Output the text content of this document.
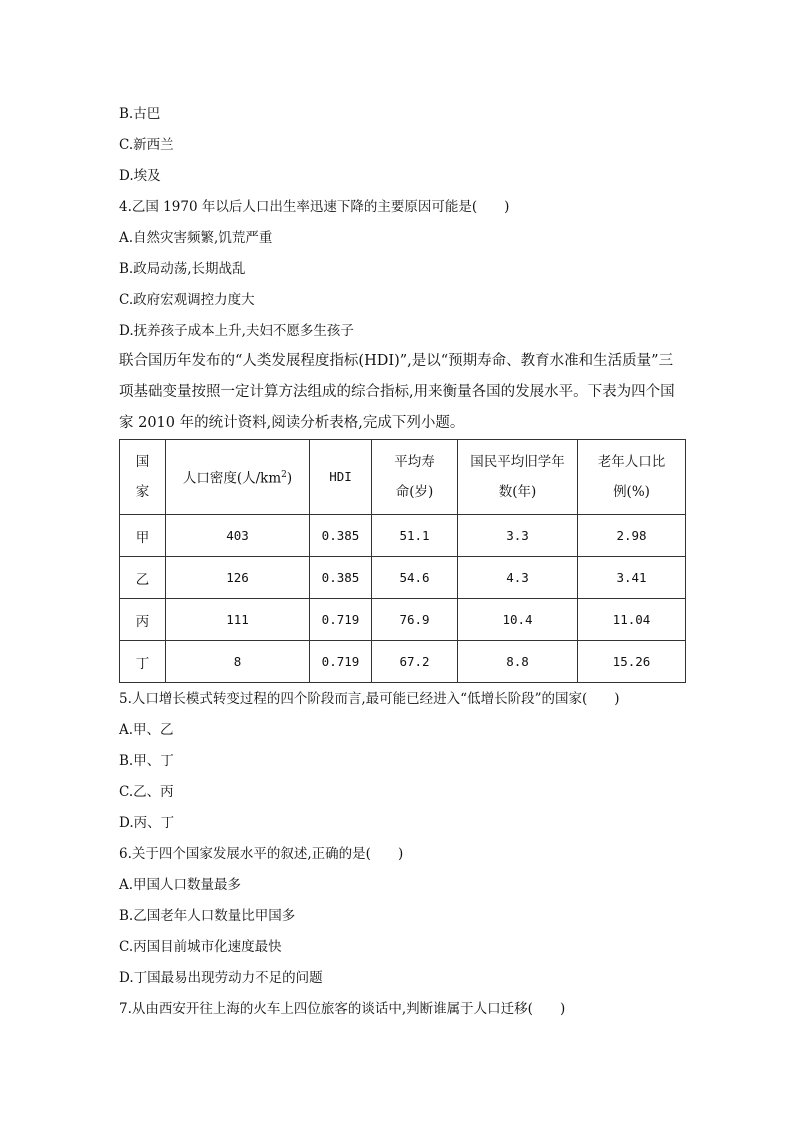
B.古巴
C.新西兰
D.埃及
4.乙国 1970 年以后人口出生率迅速下降的主要原因可能是(　　)
A.自然灾害频繁,饥荒严重
B.政局动荡,长期战乱
C.政府宏观调控力度大
D.抚养孩子成本上升,夫妇不愿多生孩子
联合国历年发布的“人类发展程度指标(HDI)”,是以“预期寿命、教育水准和生活质量”三项基础变量按照一定计算方法组成的综合指标,用来衡量各国的发展水平。下表为四个国家 2010 年的统计资料,阅读分析表格,完成下列小题。
国家	人口密度(人$/km^2$)	HDI	平均寿命(岁)	国民平均旧学年数(年)	老年人口比例(%)
甲	403	0.385	51.1	3.3	2.98
乙	126	0.385	54.6	4.3	3.41
丙	111	0.719	76.9	10.4	11.04
丁	8	0.719	67.2	8.8	15.26
5.人口增长模式转变过程的四个阶段而言,最可能已经进入“低增长阶段”的国家(　　)
A.甲、乙
B.甲、丁
C.乙、丙
D.丙、丁
6.关于四个国家发展水平的叙述,正确的是(　　)
A.甲国人口数量最多
B.乙国老年人口数量比甲国多
C.丙国目前城市化速度最快
D.丁国最易出现劳动力不足的问题
7.从由西安开往上海的火车上四位旅客的谈话中,判断谁属于人口迁移(　　)
